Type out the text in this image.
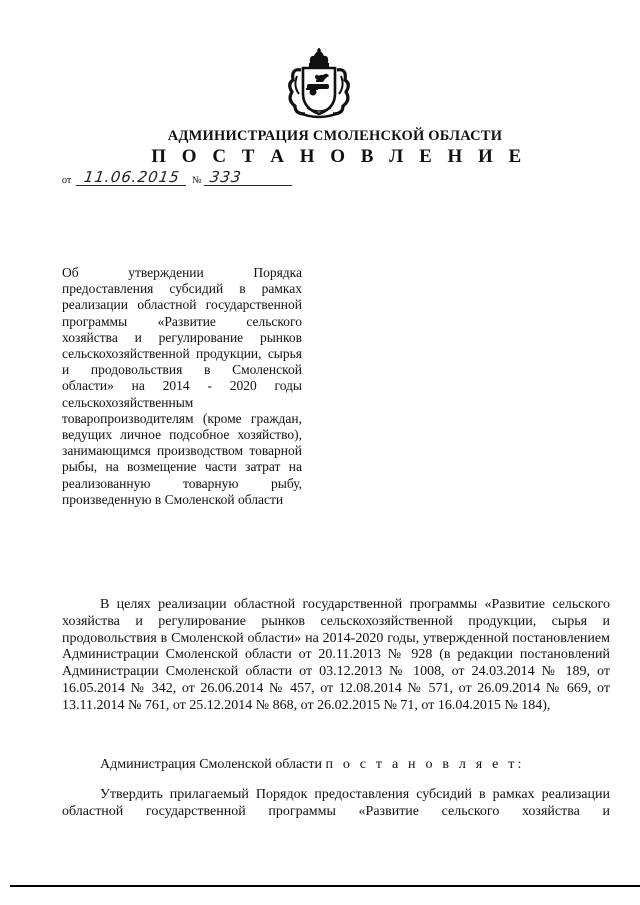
АДМИНИСТРАЦИЯ СМОЛЕНСКОЙ ОБЛАСТИ
П О С Т А Н О В Л Е Н И Е
от 11.06.2015 № 333
Об утверждении Порядка предоставления субсидий в рамках реализации областной государственной программы «Развитие сельского хозяйства и регулирование рынков сельскохозяйственной продукции, сырья и продовольствия в Смоленской области» на 2014 - 2020 годы сельскохозяйственным товаропроизводителям (кроме граждан, ведущих личное подсобное хозяйство), занимающимся производством товарной рыбы, на возмещение части затрат на реализованную товарную рыбу, произведенную в Смоленской области

В целях реализации областной государственной программы «Развитие сельского хозяйства и регулирование рынков сельскохозяйственной продукции, сырья и продовольствия в Смоленской области» на 2014-2020 годы, утвержденной постановлением Администрации Смоленской области от 20.11.2013 № 928 (в редакции постановлений Администрации Смоленской области от 03.12.2013 № 1008, от 24.03.2014 № 189, от 16.05.2014 № 342, от 26.06.2014 № 457, от 12.08.2014 № 571, от 26.09.2014 № 669, от 13.11.2014 № 761, от 25.12.2014 № 868, от 26.02.2015 № 71, от 16.04.2015 № 184),

Администрация Смоленской области п о с т а н о в л я е т:
Утвердить прилагаемый Порядок предоставления субсидий в рамках реализации областной государственной программы «Развитие сельского хозяйства и
